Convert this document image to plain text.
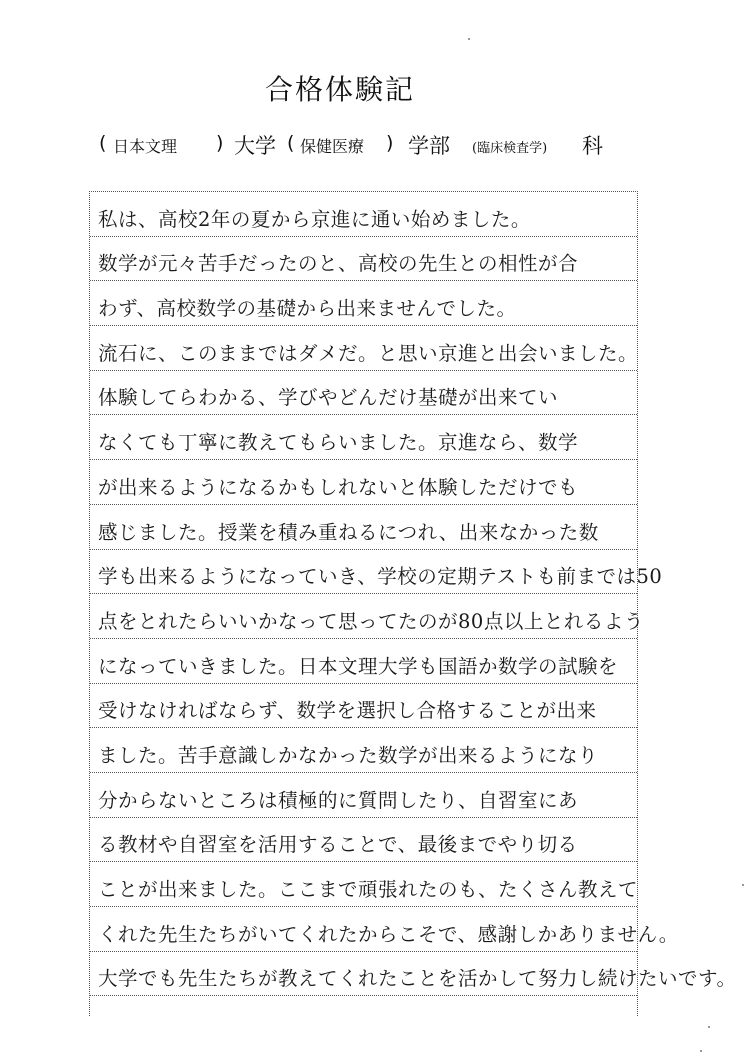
合格体験記
( 日本文理 ) 大学 ( 保健医療 ) 学部 (臨床検査学) 科
私は、高校2年の夏から京進に通い始めました。
数学が元々苦手だったのと、高校の先生との相性が合
わず、高校数学の基礎から出来ませんでした。
流石に、このままではダメだ。と思い京進と出会いました。
体験してらわかる、学びやどんだけ基礎が出来てい
なくても丁寧に教えてもらいました。京進なら、数学
が出来るようになるかもしれないと体験しただけでも
感じました。授業を積み重ねるにつれ、出来なかった数
学も出来るようになっていき、学校の定期テストも前までは50
点をとれたらいいかなって思ってたのが80点以上とれるよう
になっていきました。日本文理大学も国語か数学の試験を
受けなければならず、数学を選択し合格することが出来
ました。苦手意識しかなかった数学が出来るようになり
分からないところは積極的に質問したり、自習室にあ
る教材や自習室を活用することで、最後までやり切る
ことが出来ました。ここまで頑張れたのも、たくさん教えて
くれた先生たちがいてくれたからこそで、感謝しかありません。
大学でも先生たちが教えてくれたことを活かして努力し続けたいです。
